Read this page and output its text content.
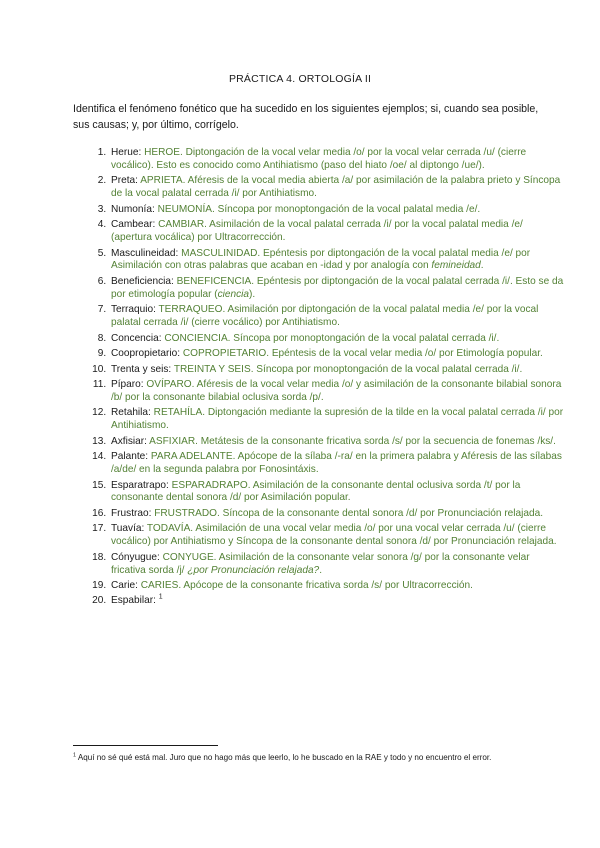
PRÁCTICA 4. ORTOLOGÍA II
Identifica el fenómeno fonético que ha sucedido en los siguientes ejemplos; si, cuando sea posible, sus causas; y, por último, corrígelo.
1. Herue: HEROE. Diptongación de la vocal velar media /o/ por la vocal velar cerrada /u/ (cierre vocálico). Esto es conocido como Antihiatismo (paso del hiato /oe/ al diptongo /ue/).
2. Preta: APRIETA. Aféresis de la vocal media abierta /a/ por asimilación de la palabra prieto y Síncopa de la vocal palatal cerrada /i/ por Antihiatismo.
3. Numonía: NEUMONÍA. Síncopa por monoptongación de la vocal palatal media /e/.
4. Cambear: CAMBIAR. Asimilación de la vocal palatal cerrada /i/ por la vocal palatal media /e/ (apertura vocálica) por Ultracorrección.
5. Masculineidad: MASCULINIDAD. Epéntesis por diptongación de la vocal palatal media /e/ por Asimilación con otras palabras que acaban en -idad y por analogía con femineidad.
6. Beneficiencia: BENEFICENCIA. Epéntesis por diptongación de la vocal palatal cerrada /i/. Esto se da por etimología popular (ciencia).
7. Terraquio: TERRAQUEO. Asimilación por diptongación de la vocal palatal media /e/ por la vocal palatal cerrada /i/ (cierre vocálico) por Antihiatismo.
8. Concencia: CONCIENCIA. Síncopa por monoptongación de la vocal palatal cerrada /i/.
9. Coopropietario: COPROPIETARIO. Epéntesis de la vocal velar media /o/ por Etimología popular.
10. Trenta y seis: TREINTA Y SEIS. Síncopa por monoptongación de la vocal palatal cerrada /i/.
11. Píparo: OVÍPARO. Aféresis de la vocal velar media /o/ y asimilación de la consonante bilabial sonora /b/ por la consonante bilabial oclusiva sorda /p/.
12. Retahila: RETAHÍLA. Diptongación mediante la supresión de la tilde en la vocal palatal cerrada /i/ por Antihiatismo.
13. Axfisiar: ASFIXIAR. Metátesis de la consonante fricativa sorda /s/ por la secuencia de fonemas /ks/.
14. Palante: PARA ADELANTE. Apócope de la sílaba /-ra/ en la primera palabra y Aféresis de las sílabas /a/de/ en la segunda palabra por Fonosintáxis.
15. Esparatrapo: ESPARADRAPO. Asimilación de la consonante dental oclusiva sorda /t/ por la consonante dental sonora /d/ por Asimilación popular.
16. Frustrao: FRUSTRADO. Síncopa de la consonante dental sonora /d/ por Pronunciación relajada.
17. Tuavía: TODAVÍA. Asimilación de una vocal velar media /o/ por una vocal velar cerrada /u/ (cierre vocálico) por Antihiatismo y Síncopa de la consonante dental sonora /d/ por Pronunciación relajada.
18. Cónyugue: CONYUGE. Asimilación de la consonante velar sonora /g/ por la consonante velar fricativa sorda /j/ ¿por Pronunciación relajada?.
19. Carie: CARIES. Apócope de la consonante fricativa sorda /s/ por Ultracorrección.
20. Espabilar: $^1$
$^1$ Aquí no sé qué está mal. Juro que no hago más que leerlo, lo he buscado en la RAE y todo y no encuentro el error.
